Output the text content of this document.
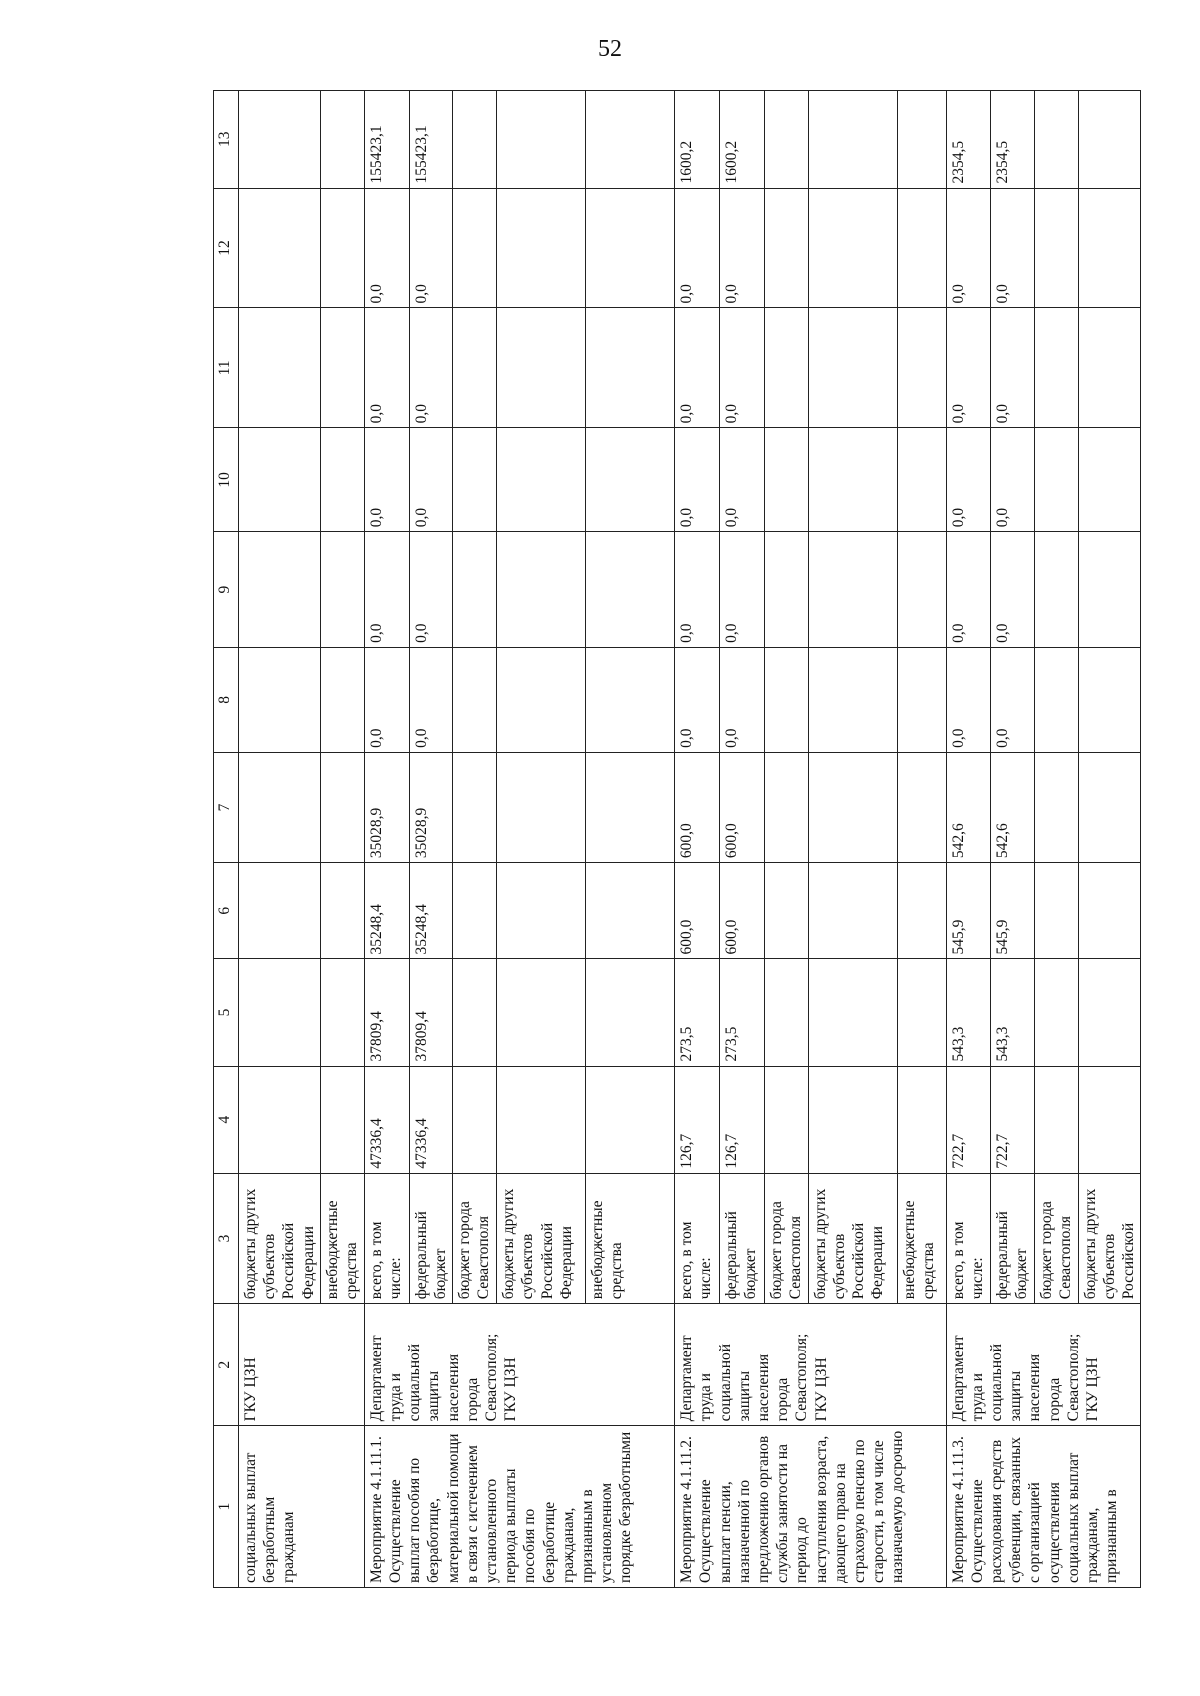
52
1	2	3	4	5	6	7	8	9	10	11	12	13
социальных выплат безработным гражданам	ГКУ ЦЗН	бюджеты других субъектов Российской Федерации										
		внебюджетные средства										
Мероприятие 4.1.11.1. Осуществление выплат пособия по безработице, материальной помощи в связи с истечением установленного периода выплаты пособия по безработице гражданам, признанным в установленном порядке безработными	Департамент труда и социальной защиты населения города Севастополя; ГКУ ЦЗН	всего, в том числе:	47336,4	37809,4	35248,4	35028,9	0,0	0,0	0,0	0,0	0,0	155423,1
		федеральный бюджет	47336,4	37809,4	35248,4	35028,9	0,0	0,0	0,0	0,0	0,0	155423,1
		бюджет города Севастополя										
		бюджеты других субъектов Российской Федерации										
		внебюджетные средства										
Мероприятие 4.1.11.2. Осуществление выплат пенсии, назначенной по предложению органов службы занятости на период до наступления возраста, дающего право на страховую пенсию по старости, в том числе назначаемую досрочно	Департамент труда и социальной защиты населения города Севастополя; ГКУ ЦЗН	всего, в том числе:	126,7	273,5	600,0	600,0	0,0	0,0	0,0	0,0	0,0	1600,2
		федеральный бюджет	126,7	273,5	600,0	600,0	0,0	0,0	0,0	0,0	0,0	1600,2
		бюджет города Севастополя										
		бюджеты других субъектов Российской Федерации										
		внебюджетные средства										
Мероприятие 4.1.11.3. Осуществление расходования средств субвенции, связанных с организацией осуществления социальных выплат гражданам, признанным в	Департамент труда и социальной защиты населения города Севастополя; ГКУ ЦЗН	всего, в том числе:	722,7	543,3	545,9	542,6	0,0	0,0	0,0	0,0	0,0	2354,5
		федеральный бюджет	722,7	543,3	545,9	542,6	0,0	0,0	0,0	0,0	0,0	2354,5
		бюджет города Севастополя										
		бюджеты других субъектов Российской										
